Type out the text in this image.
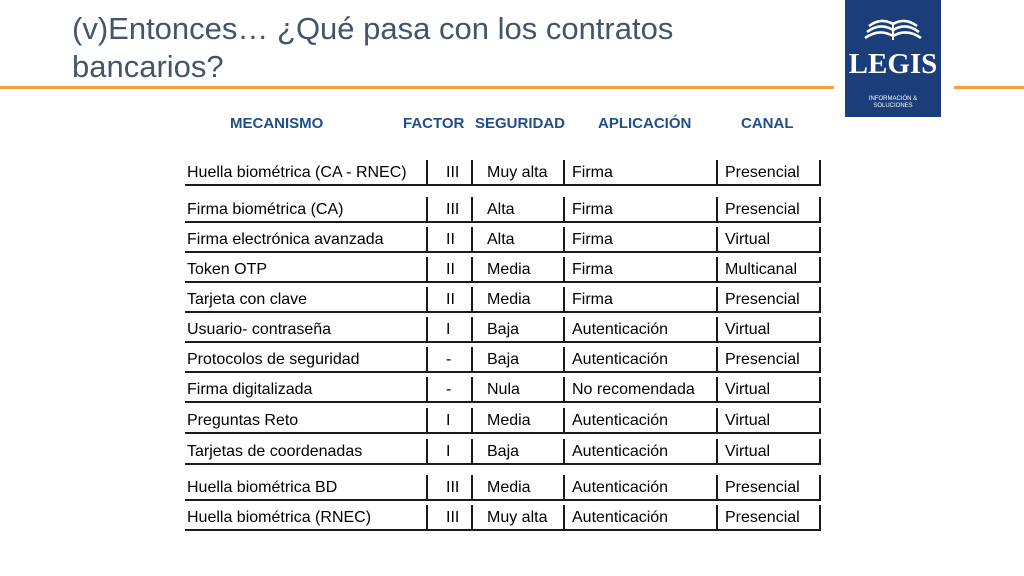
(v)Entonces… ¿Qué pasa con los contratos bancarios?	LEGIS
INFORMACIÓN & SOLUCIONES
MECANISMO	FACTOR SEGURIDAD APLICACIÓN	CANAL
Huella biométrica (CA - RNEC) III Muy alta Firma	Presencial
Firma biométrica (CA)	III Alta	Firma	Presencial
Firma electrónica avanzada	II Alta	Firma	Virtual
Token OTP	II Media	Firma	Multicanal
Tarjeta con clave	II Media	Firma	Presencial
Usuario- contraseña	I Baja	Autenticación	Virtual
Protocolos de seguridad	- Baja	Autenticación	Presencial
Firma digitalizada	- Nula	No recomendada Virtual
Preguntas Reto	I Media	Autenticación	Virtual
Tarjetas de coordenadas	I Baja	Autenticación	Virtual
Huella biométrica BD	III Media	Autenticación	Presencial
Huella biométrica (RNEC)	III Muy alta Autenticación	Presencial
